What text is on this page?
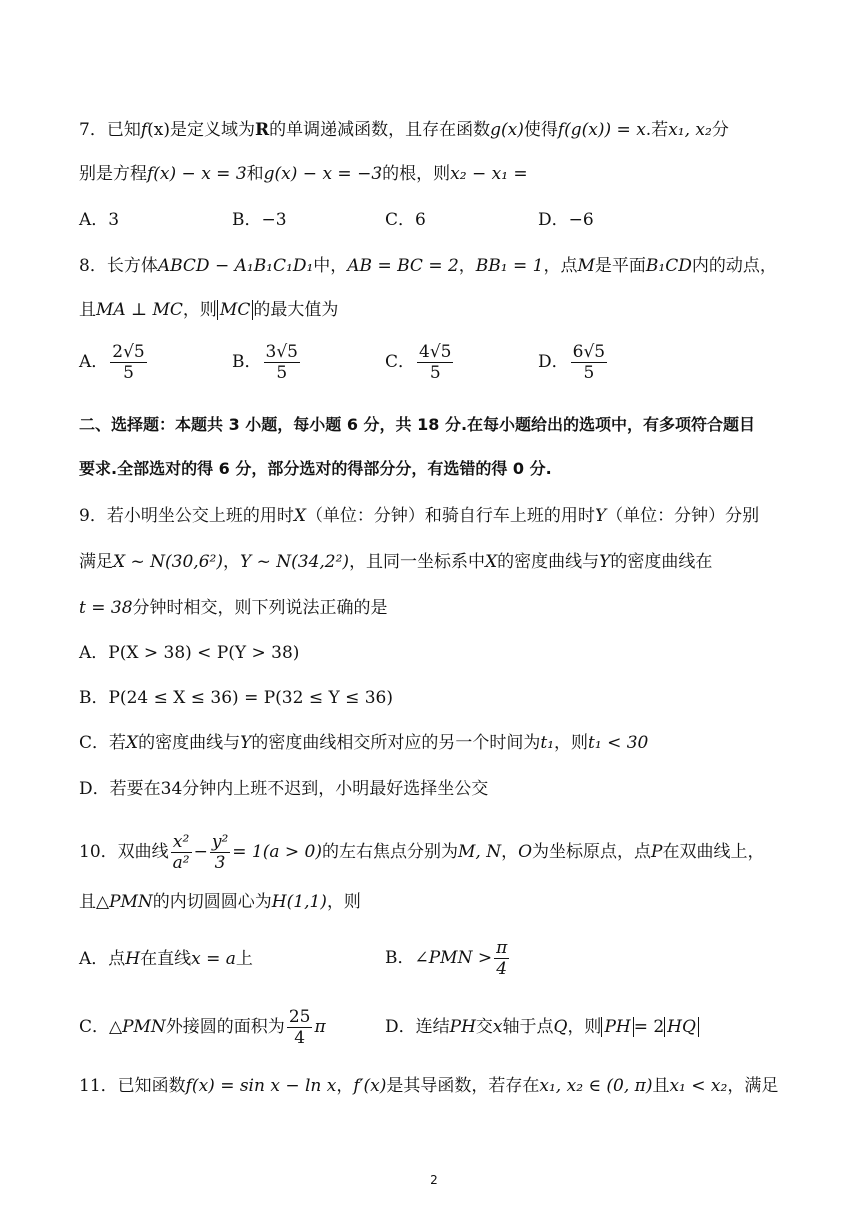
7．已知f(x)是定义域为R的单调递减函数，且存在函数g(x)使得f(g(x)) = x.若x₁, x₂分
别是方程f(x) − x = 3和g(x) − x = −3的根，则x₂ − x₁ =
A．3	B．−3	C．6	D．−6
8．长方体ABCD − A₁B₁C₁D₁中，AB = BC = 2，BB₁ = 1，点M是平面B₁CD内的动点，
且MA ⊥ MC，则 MC 的最大值为
A． $\frac{2√5}{5}$	B． $\frac{3√5}{5}$	C． $\frac{4√5}{5}$	D． $\frac{6√5}{5}$
二、选择题：本题共 3 小题，每小题 6 分，共 18 分.在每小题给出的选项中，有多项符合题目
要求.全部选对的得 6 分，部分选对的得部分分，有选错的得 0 分.
9．若小明坐公交上班的用时X（单位：分钟）和骑自行车上班的用时Y（单位：分钟）分别
满足X ~ N(30,6²)，Y ~ N(34,2²)，且同一坐标系中X的密度曲线与Y的密度曲线在
t = 38分钟时相交，则下列说法正确的是
A．P(X > 38) < P(Y > 38)
B．P(24 ≤ X ≤ 36) = P(32 ≤ Y ≤ 36)
C．若X的密度曲线与Y的密度曲线相交所对应的另一个时间为t₁，则t₁ < 30
D．若要在34分钟内上班不迟到，小明最好选择坐公交
10．双曲线 $\frac{\text{x²}}{\text{a²}} - \frac{\text{y²}}{3} = 1(a > 0)$的左右焦点分别为M, N，O为坐标原点，点P在双曲线上，
且△PMN的内切圆圆心为H(1,1)，则
A．点H在直线x = a上	B．∠PMN > $\frac{\pi}{4}$
C．△PMN外接圆的面积为 $\frac{25}{4}$ π	D．连结PH交x轴于点Q，则 PH = 2 HQ
11．已知函数f(x) = sin x − ln x，f′(x)是其导函数，若存在x₁, x₂ ∈ (0, π)且x₁ < x₂，满足
2
